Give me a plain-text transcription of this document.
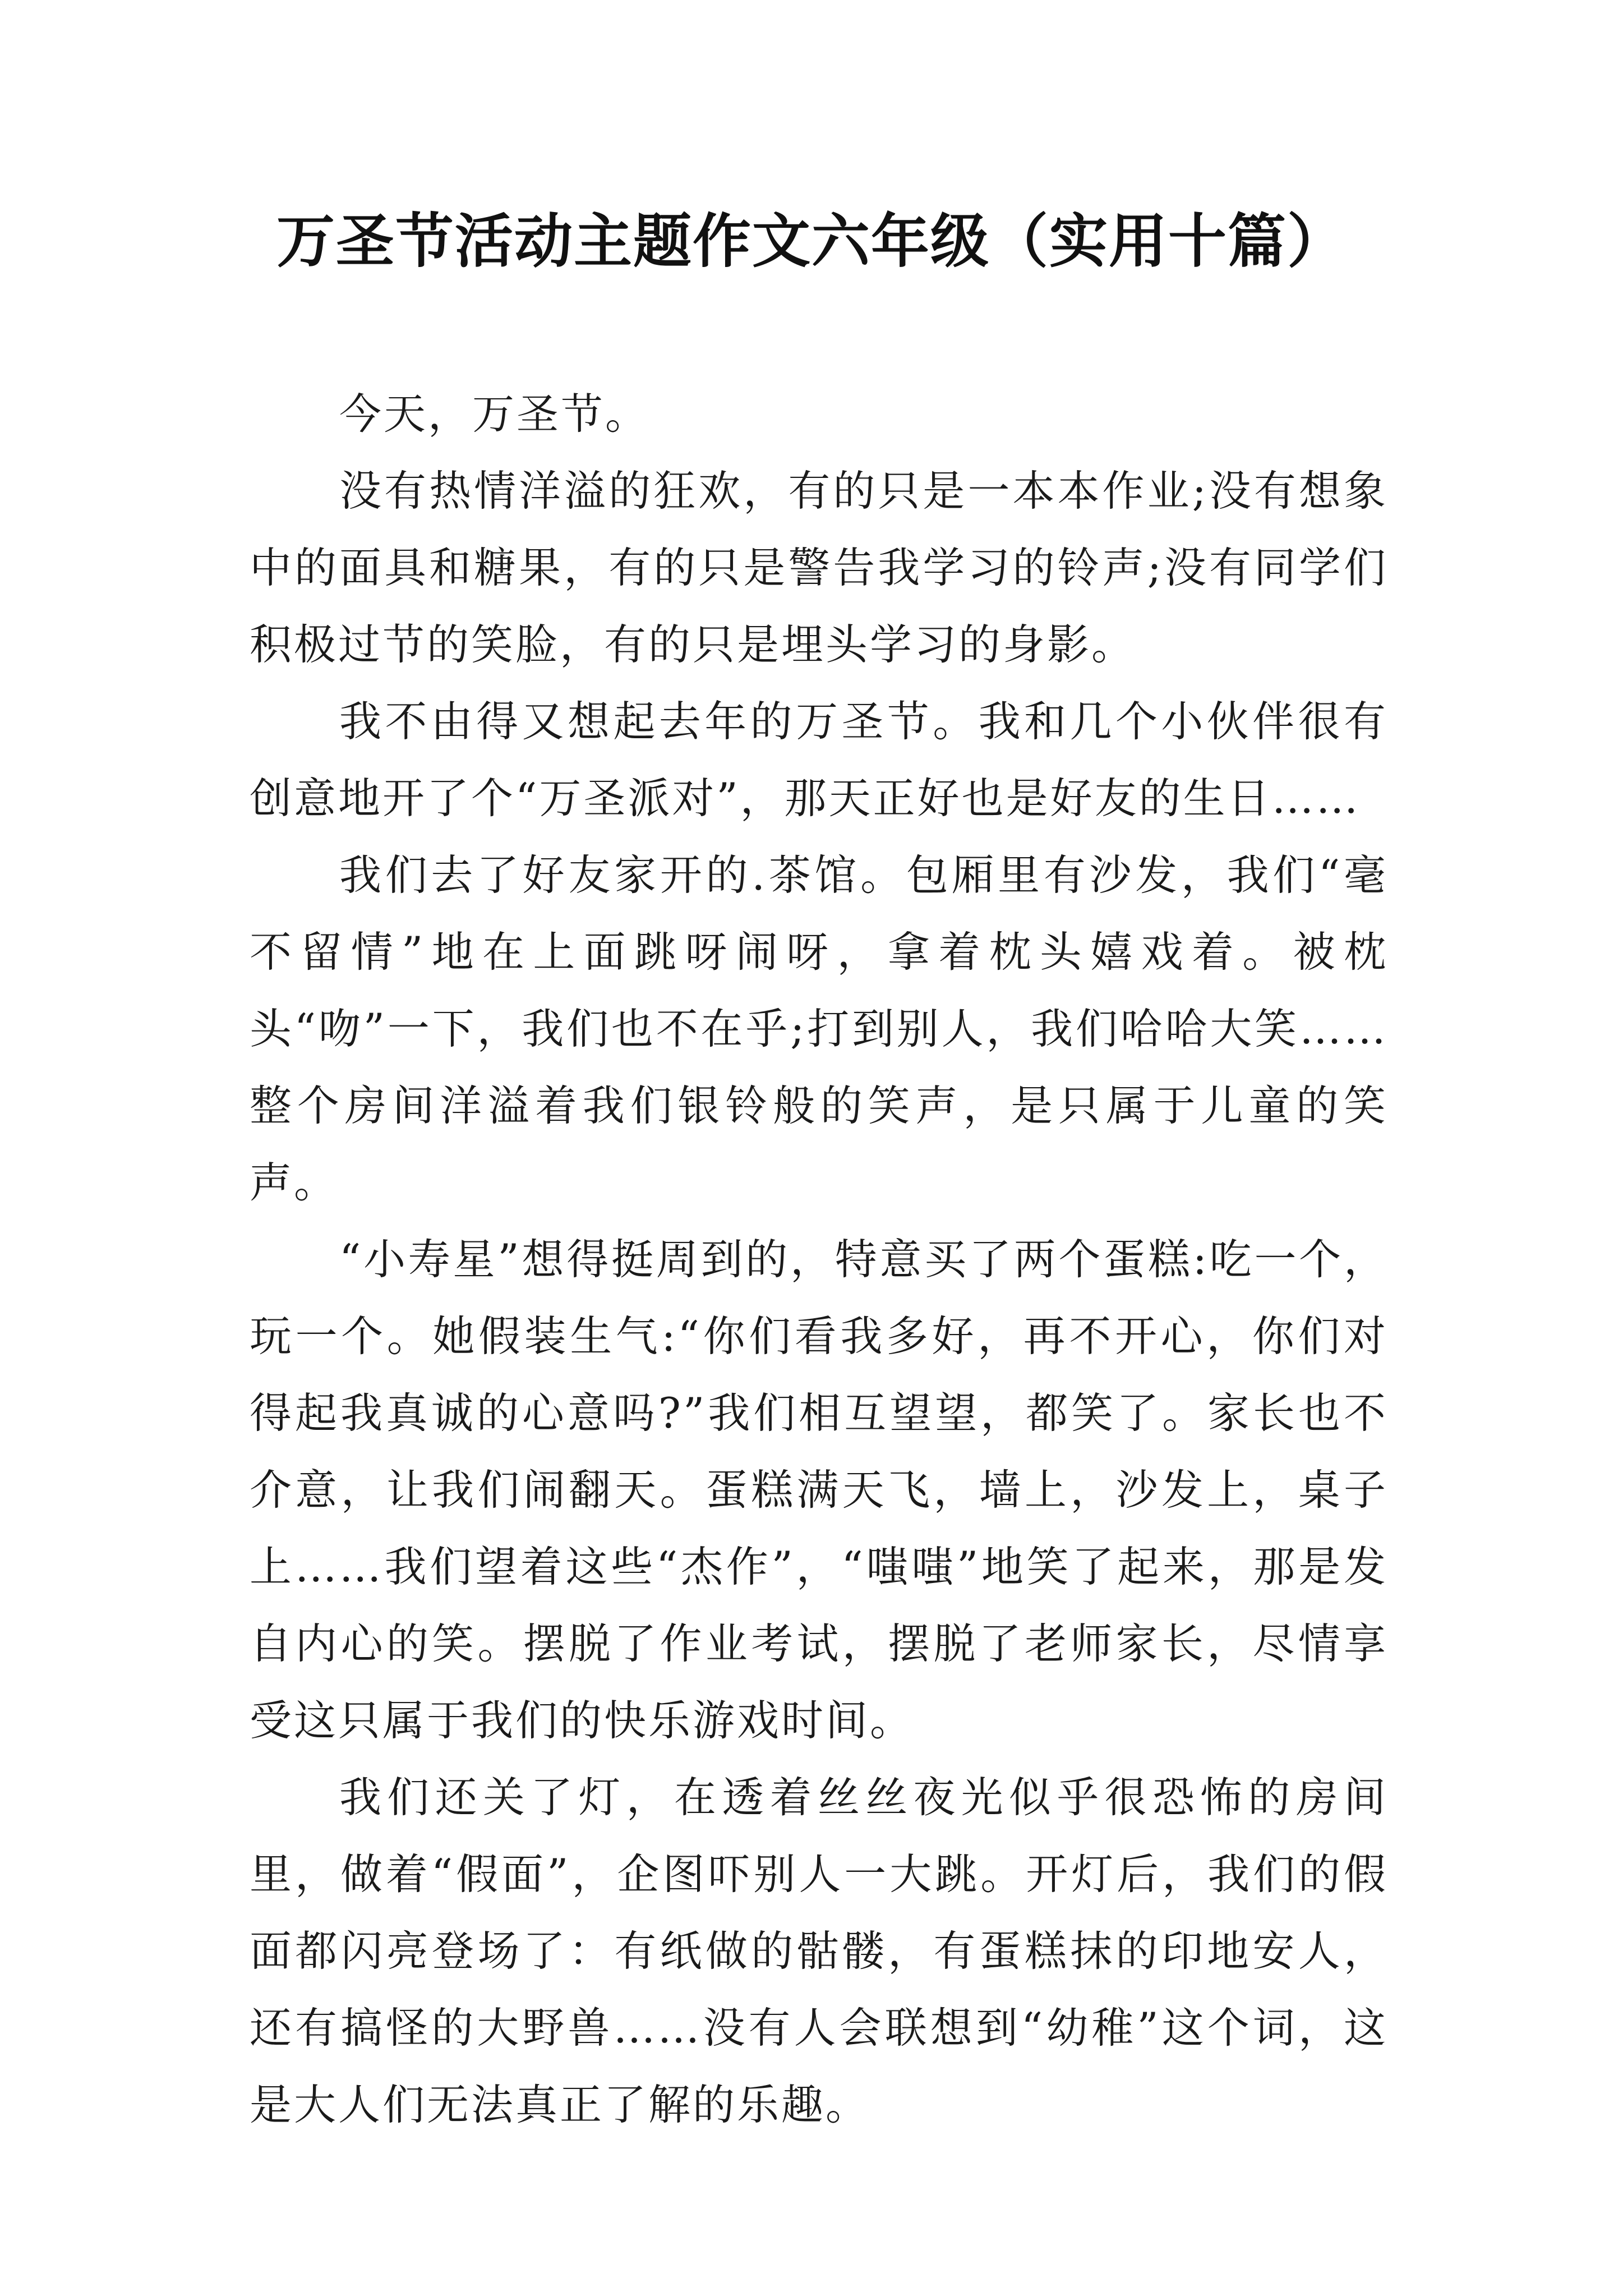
万圣节活动主题作文六年级（实用十篇）

今天，万圣节。

没有热情洋溢的狂欢，有的只是一本本作业;没有想象中的面具和糖果，有的只是警告我学习的铃声;没有同学们积极过节的笑脸，有的只是埋头学习的身影。

我不由得又想起去年的万圣节。我和几个小伙伴很有创意地开了个“万圣派对”，那天正好也是好友的生日……

我们去了好友家开的.茶馆。包厢里有沙发，我们“毫不留情”地在上面跳呀闹呀，拿着枕头嬉戏着。被枕头“吻”一下，我们也不在乎;打到别人，我们哈哈大笑……整个房间洋溢着我们银铃般的笑声，是只属于儿童的笑声。

“小寿星”想得挺周到的，特意买了两个蛋糕:吃一个，玩一个。她假装生气:“你们看我多好，再不开心，你们对得起我真诚的心意吗?”我们相互望望，都笑了。家长也不介意，让我们闹翻天。蛋糕满天飞，墙上，沙发上，桌子上……我们望着这些“杰作”，“嗤嗤”地笑了起来，那是发自内心的笑。摆脱了作业考试，摆脱了老师家长，尽情享受这只属于我们的快乐游戏时间。

我们还关了灯，在透着丝丝夜光似乎很恐怖的房间里，做着“假面”，企图吓别人一大跳。开灯后，我们的假面都闪亮登场了：有纸做的骷髅，有蛋糕抹的印地安人，还有搞怪的大野兽……没有人会联想到“幼稚”这个词，这是大人们无法真正了解的乐趣。
